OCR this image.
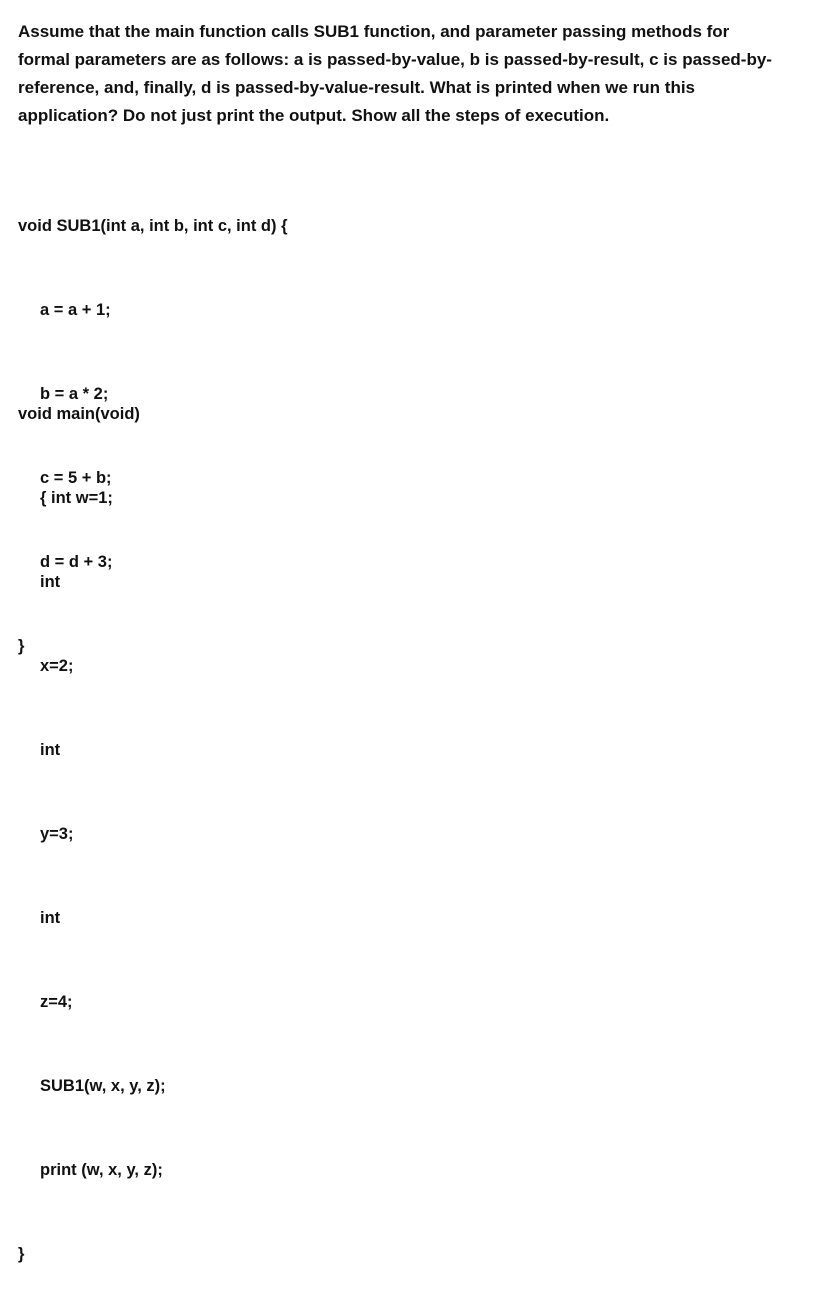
Assume that the main function calls SUB1 function, and parameter passing methods for

formal parameters are as follows: a is passed-by-value, b is passed-by-result, c is passed-by-

reference, and, finally, d is passed-by-value-result. What is printed when we run this

application? Do not just print the output. Show all the steps of execution.

void SUB1(int a, int b, int c, int d) {

a = a + 1;

b = a * 2;

c = 5 + b;

d = d + 3;

}

void main(void)

{ int w=1;

int

x=2;

int

y=3;

int

z=4;

SUB1(w, x, y, z);

print (w, x, y, z);

}
